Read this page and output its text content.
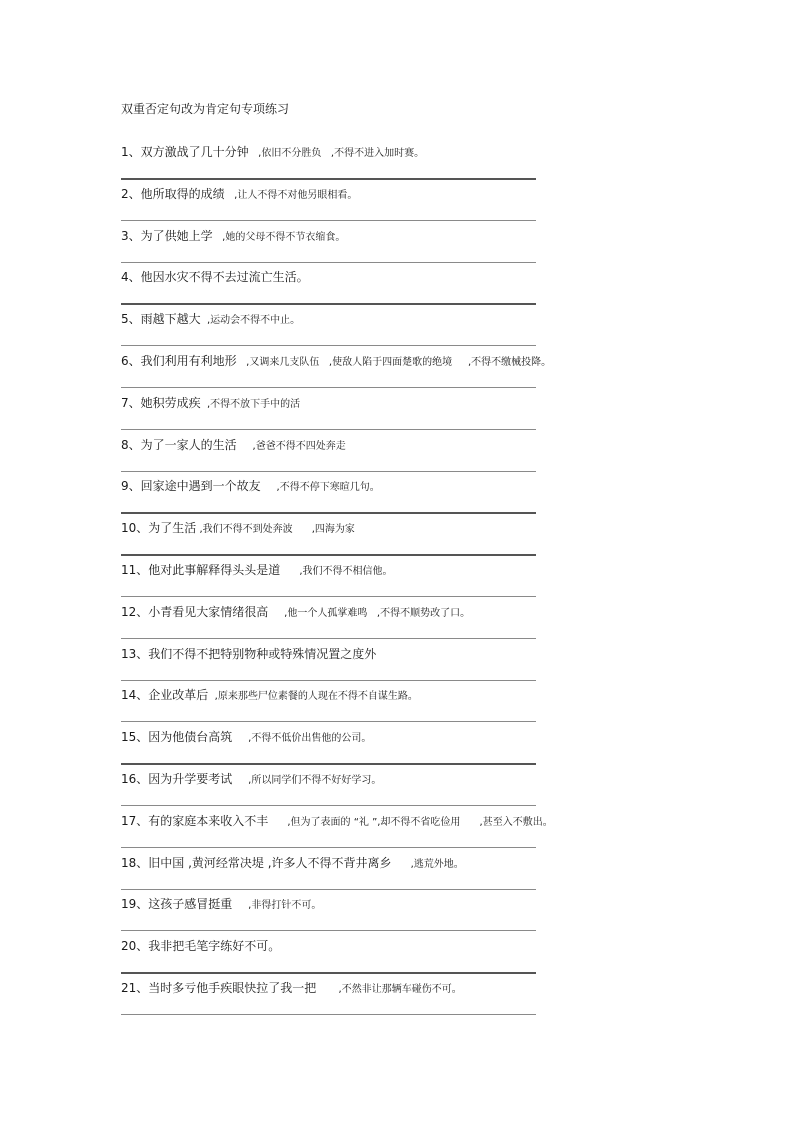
双重否定句改为肯定句专项练习
1、双方激战了几十分钟   ,依旧不分胜负   ,不得不进入加时赛。
2、他所取得的成绩   ,让人不得不对他另眼相看。
3、为了供她上学   ,她的父母不得不节衣缩食。
4、他因水灾不得不去过流亡生活。
5、雨越下越大  ,运动会不得不中止。
6、我们利用有利地形   ,又调来几支队伍   ,使敌人陷于四面楚歌的绝境     ,不得不缴械投降。
7、她积劳成疾  ,不得不放下手中的活
8、为了一家人的生活     ,爸爸不得不四处奔走
9、回家途中遇到一个故友     ,不得不停下寒暄几句。
10、为了生活 ,我们不得不到处奔波      ,四海为家
11、他对此事解释得头头是道      ,我们不得不相信他。
12、小青看见大家情绪很高     ,他一个人孤掌难鸣   ,不得不顺势改了口。
13、我们不得不把特别物种或特殊情况置之度外
14、企业改革后  ,原来那些尸位素餐的人现在不得不自谋生路。
15、因为他债台高筑     ,不得不低价出售他的公司。
16、因为升学要考试     ,所以同学们不得不好好学习。
17、有的家庭本来收入不丰      ,但为了表面的 “礼 ”,却不得不省吃俭用      ,甚至入不敷出。
18、旧中国 ,黄河经常决堤 ,许多人不得不背井离乡      ,逃荒外地。
19、这孩子感冒挺重     ,非得打针不可。
20、我非把毛笔字练好不可。
21、当时多亏他手疾眼快拉了我一把       ,不然非让那辆车碰伤不可。
